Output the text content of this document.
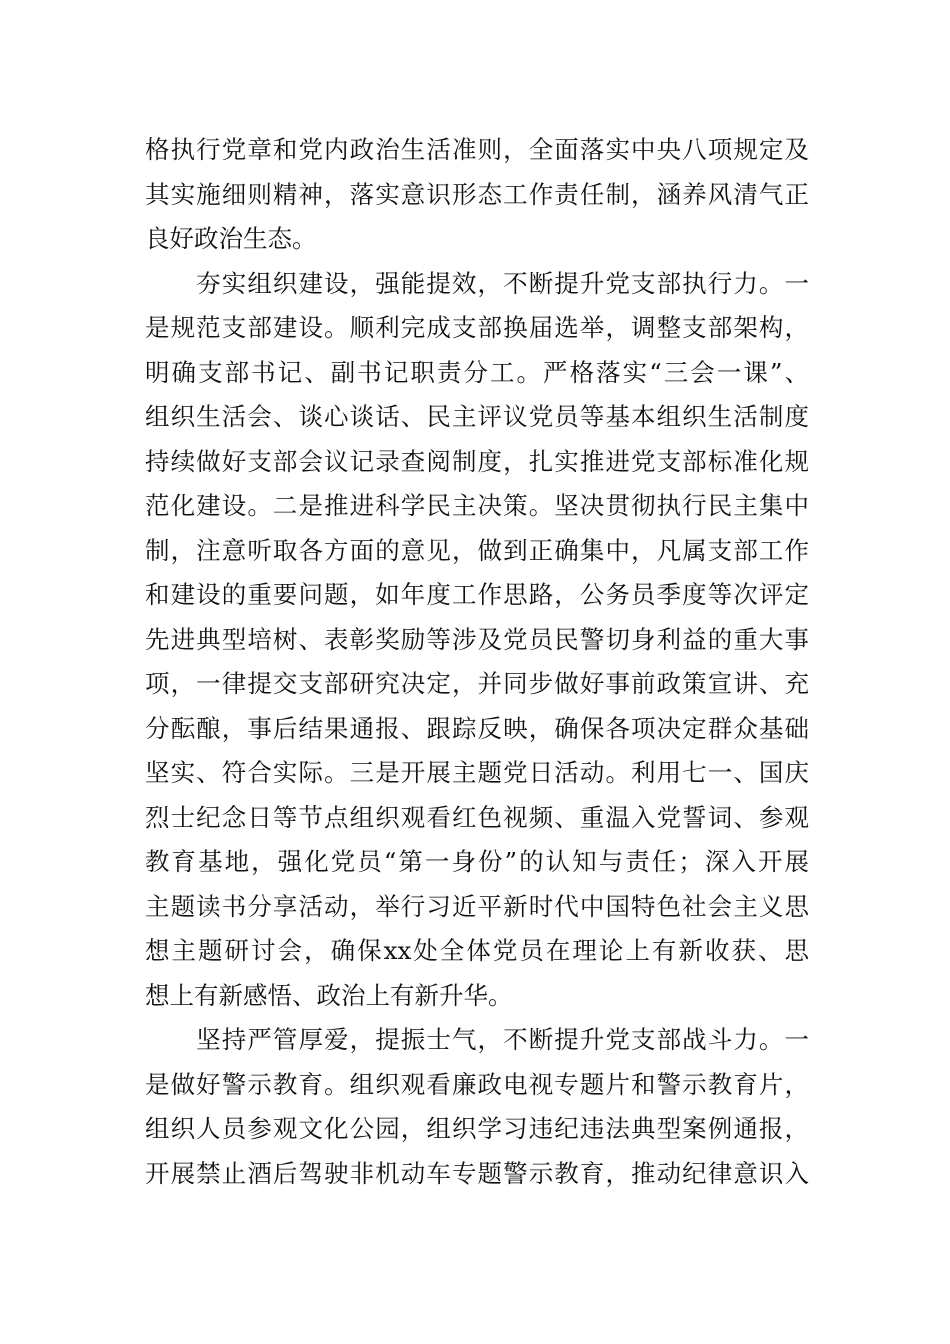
格执行党章和党内政治生活准则，全面落实中央八项规定及
其实施细则精神，落实意识形态工作责任制，涵养风清气正
良好政治生态。
　　夯实组织建设，强能提效，不断提升党支部执行力。一
是规范支部建设。顺利完成支部换届选举，调整支部架构，
明确支部书记、副书记职责分工。严格落实“三会一课”、
组织生活会、谈心谈话、民主评议党员等基本组织生活制度
持续做好支部会议记录查阅制度，扎实推进党支部标准化规
范化建设。二是推进科学民主决策。坚决贯彻执行民主集中
制，注意听取各方面的意见，做到正确集中，凡属支部工作
和建设的重要问题，如年度工作思路，公务员季度等次评定
先进典型培树、表彰奖励等涉及党员民警切身利益的重大事
项，一律提交支部研究决定，并同步做好事前政策宣讲、充
分酝酿，事后结果通报、跟踪反映，确保各项决定群众基础
坚实、符合实际。三是开展主题党日活动。利用七一、国庆
烈士纪念日等节点组织观看红色视频、重温入党誓词、参观
教育基地，强化党员“第一身份”的认知与责任；深入开展
主题读书分享活动，举行习近平新时代中国特色社会主义思
想主题研讨会，确保xx处全体党员在理论上有新收获、思
想上有新感悟、政治上有新升华。
　　坚持严管厚爱，提振士气，不断提升党支部战斗力。一
是做好警示教育。组织观看廉政电视专题片和警示教育片，
组织人员参观文化公园，组织学习违纪违法典型案例通报，
开展禁止酒后驾驶非机动车专题警示教育，推动纪律意识入
